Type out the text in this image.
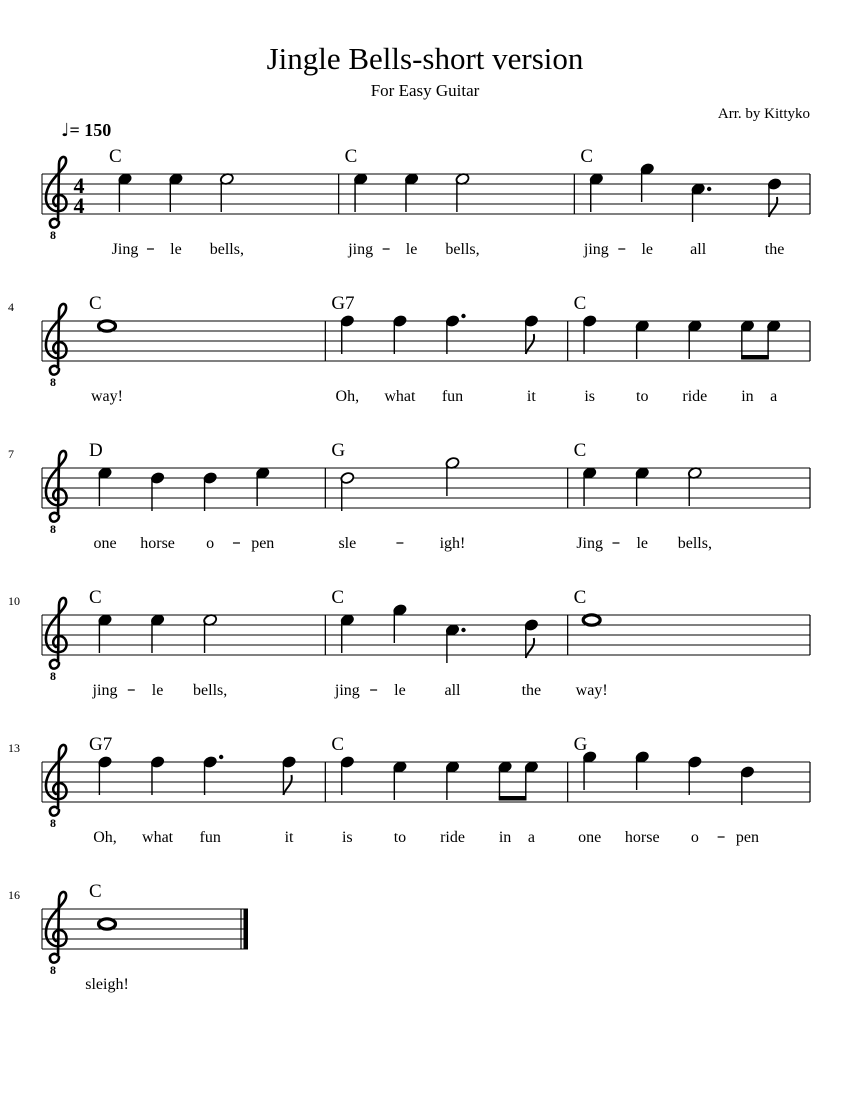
Jingle Bells-short version
For Easy Guitar
Arr. by Kittyko
♩= 150
8
4
4
C
Jing le bells,
C
jing le bells,
C
jing le all	the
8
4	C
way!
G7
Oh, what fun	it
C
is	to ride in a
8
7	D
one horse o pen
G
sle	igh!
C
Jing le bells,
8
10	C
jing le bells,
C
jing le all	the
C
way!
8
13	G7
Oh, what fun	it
C
is	to ride in a
G
one horse o pen
8
16	C
sleigh!
